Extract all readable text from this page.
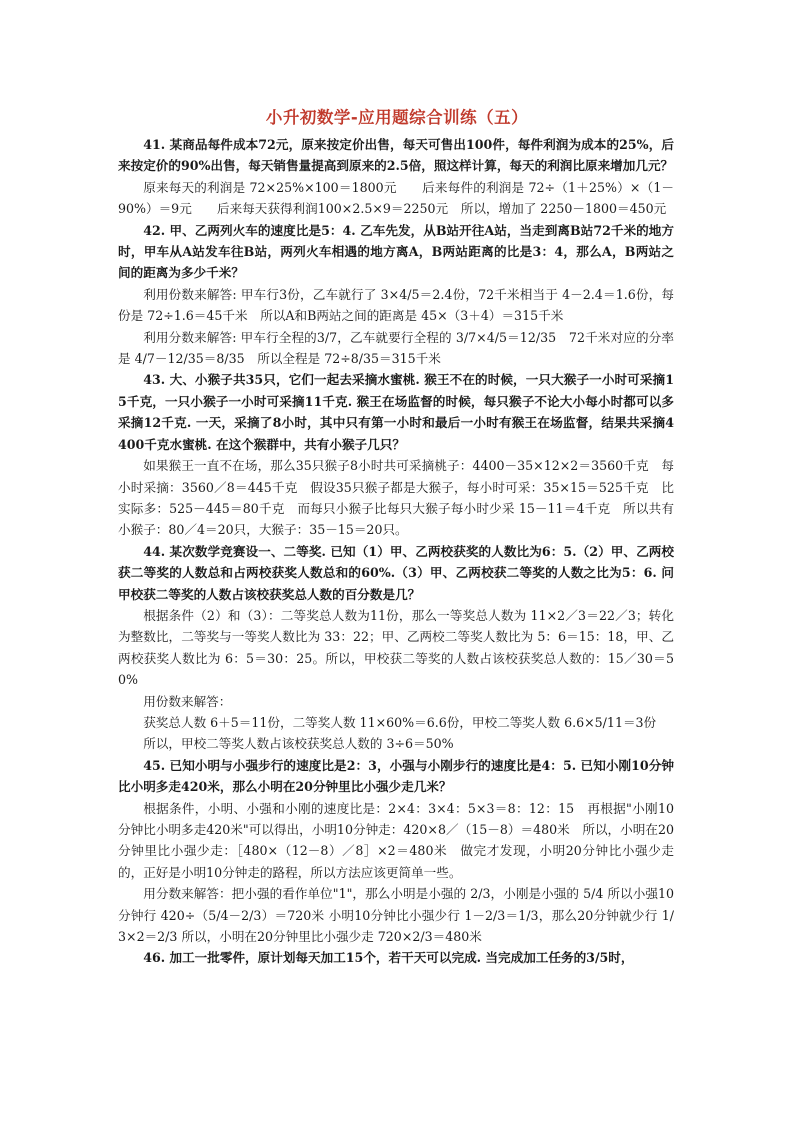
小升初数学-应用题综合训练（五）

41. 某商品每件成本72元，原来按定价出售，每天可售出100件，每件利润为成本的25%，后来按定价的90%出售，每天销售量提高到原来的2.5倍，照这样计算，每天的利润比原来增加几元？

原来每天的利润是 72×25%×100＝1800元　　后来每件的利润是 72÷（1＋25%）×（1－90%）＝9元　　后来每天获得利润100×2.5×9＝2250元　所以，增加了 2250－1800＝450元

42. 甲、乙两列火车的速度比是5：4. 乙车先发，从B站开往A站，当走到离B站72千米的地方时，甲车从A站发车往B站，两列火车相遇的地方离A，B两站距离的比是3：4，那么A，B两站之间的距离为多少千米？

利用份数来解答: 甲车行3份，乙车就行了 3×4/5＝2.4份，72千米相当于 4－2.4＝1.6份，每份是 72÷1.6＝45千米　所以A和B两站之间的距离是 45×（3＋4）＝315千米

利用分数来解答: 甲车行全程的3/7，乙车就要行全程的 3/7×4/5＝12/35　72千米对应的分率是 4/7－12/35＝8/35　所以全程是 72÷8/35＝315千米

43. 大、小猴子共35只，它们一起去采摘水蜜桃. 猴王不在的时候，一只大猴子一小时可采摘15千克，一只小猴子一小时可采摘11千克. 猴王在场监督的时候，每只猴子不论大小每小时都可以多采摘12千克. 一天，采摘了8小时，其中只有第一小时和最后一小时有猴王在场监督，结果共采摘4400千克水蜜桃. 在这个猴群中，共有小猴子几只？

如果猴王一直不在场，那么35只猴子8小时共可采摘桃子：4400－35×12×2＝3560千克　每小时采摘：3560／8＝445千克　假设35只猴子都是大猴子，每小时可采：35×15＝525千克　比实际多：525－445＝80千克　而每只小猴子比每只大猴子每小时少采 15－11＝4千克　所以共有小猴子：80／4＝20只，大猴子：35－15＝20只。

44. 某次数学竞赛设一、二等奖. 已知（1）甲、乙两校获奖的人数比为6：5.（2）甲、乙两校获二等奖的人数总和占两校获奖人数总和的60%.（3）甲、乙两校获二等奖的人数之比为5：6. 问甲校获二等奖的人数占该校获奖总人数的百分数是几？

根据条件（2）和（3）：二等奖总人数为11份，那么一等奖总人数为 11×2／3＝22／3；转化为整数比，二等奖与一等奖人数比为 33：22；甲、乙两校二等奖人数比为 5：6＝15：18，甲、乙两校获奖人数比为 6：5＝30：25。所以，甲校获二等奖的人数占该校获奖总人数的：15／30＝50%

用份数来解答：

获奖总人数 6＋5＝11份，二等奖人数 11×60%＝6.6份，甲校二等奖人数 6.6×5/11＝3份

所以，甲校二等奖人数占该校获奖总人数的 3÷6＝50%

45. 已知小明与小强步行的速度比是2：3，小强与小刚步行的速度比是4：5. 已知小刚10分钟比小明多走420米，那么小明在20分钟里比小强少走几米？

根据条件，小明、小强和小刚的速度比是：2×4：3×4：5×3＝8：12：15　再根据"小刚10分钟比小明多走420米"可以得出，小明10分钟走：420×8／（15－8）＝480米　所以，小明在20分钟里比小强少走：［480×（12－8）／8］×2＝480米　做完才发现，小明20分钟比小强少走的，正好是小明10分钟走的路程，所以方法应该更简单一些。

用分数来解答：把小强的看作单位"1"，那么小明是小强的 2/3，小刚是小强的 5/4 所以小强10分钟行 420÷（5/4－2/3）＝720米 小明10分钟比小强少行 1－2/3＝1/3，那么20分钟就少行 1/3×2＝2/3 所以，小明在20分钟里比小强少走 720×2/3＝480米

46. 加工一批零件，原计划每天加工15个，若干天可以完成. 当完成加工任务的3/5时，
